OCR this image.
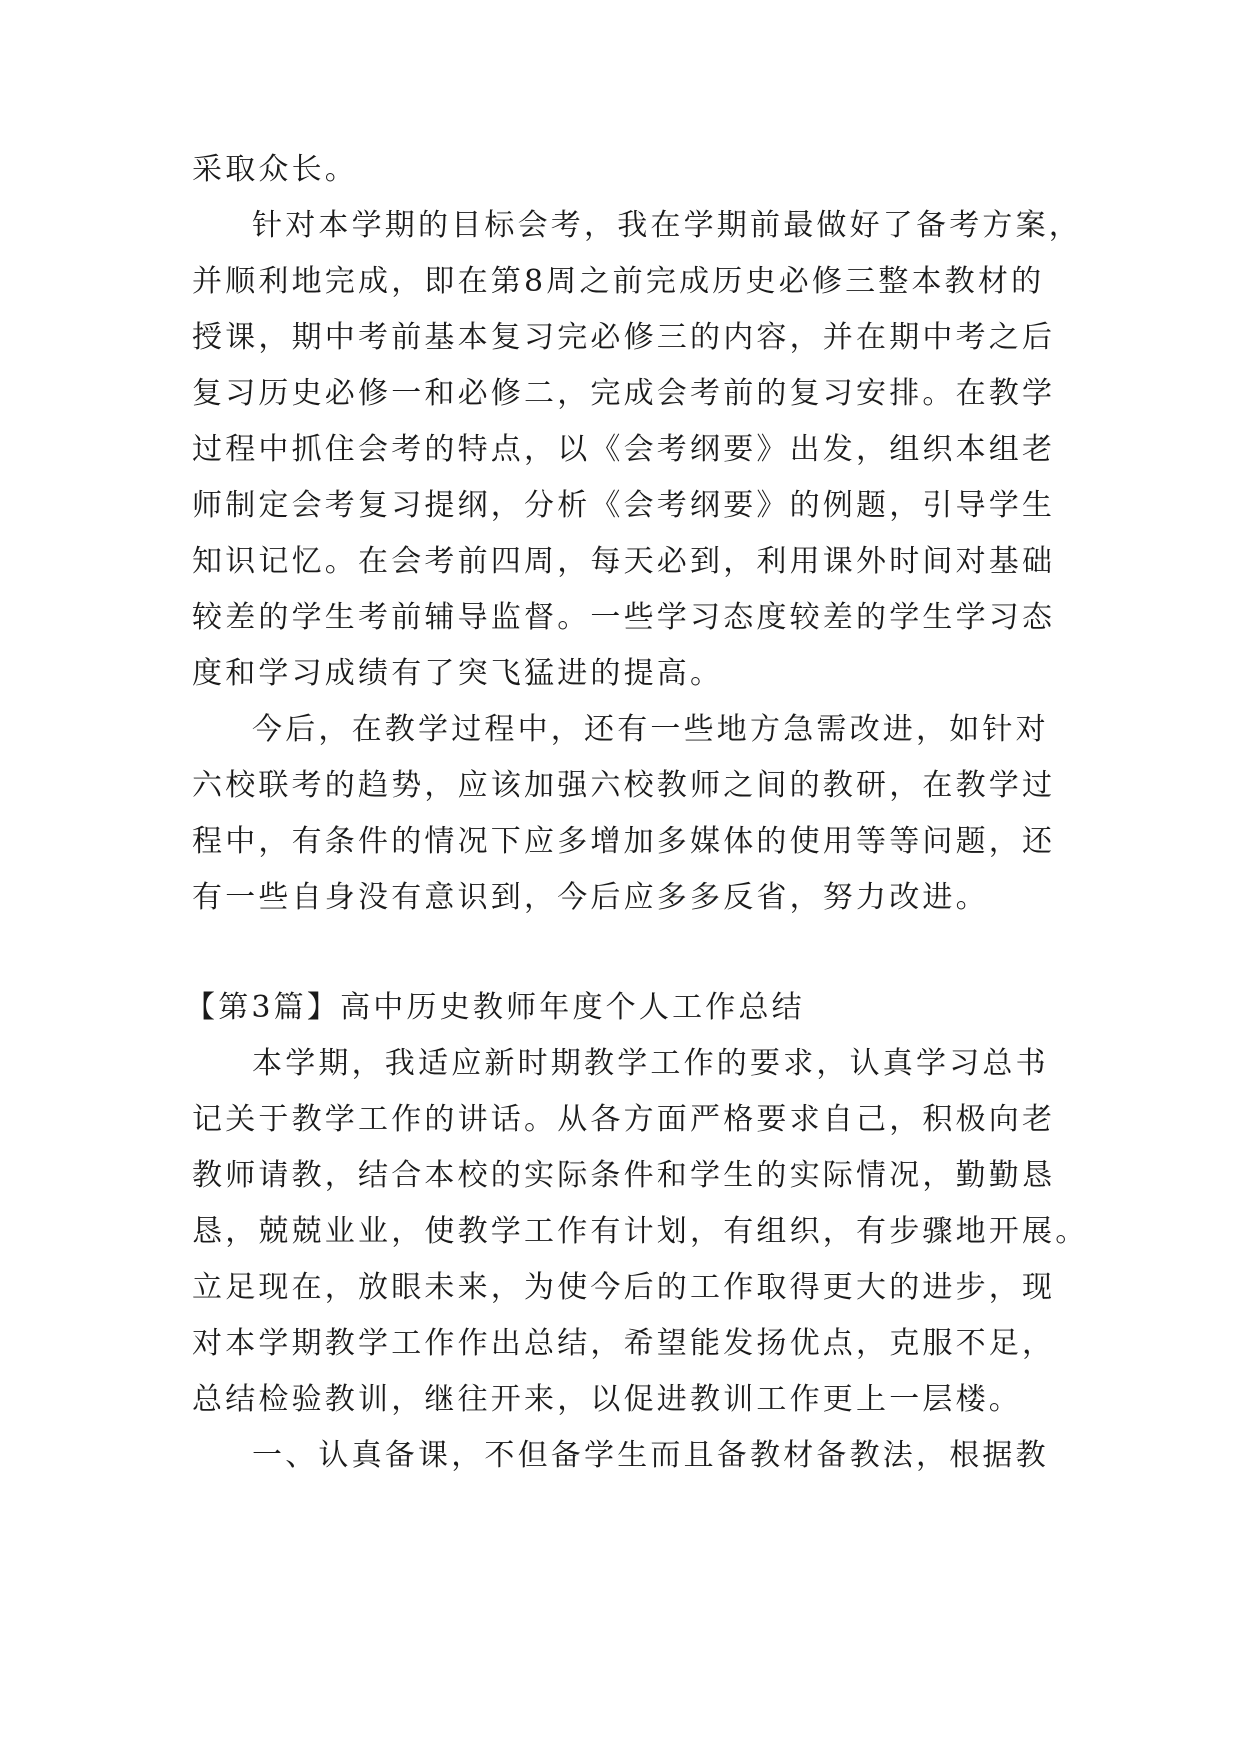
采取众长。
针对本学期的目标会考，我在学期前最做好了备考方案，
并顺利地完成，即在第8周之前完成历史必修三整本教材的
授课，期中考前基本复习完必修三的内容，并在期中考之后
复习历史必修一和必修二，完成会考前的复习安排。在教学
过程中抓住会考的特点，以《会考纲要》出发，组织本组老
师制定会考复习提纲，分析《会考纲要》的例题，引导学生
知识记忆。在会考前四周，每天必到，利用课外时间对基础
较差的学生考前辅导监督。一些学习态度较差的学生学习态
度和学习成绩有了突飞猛进的提高。
今后，在教学过程中，还有一些地方急需改进，如针对
六校联考的趋势，应该加强六校教师之间的教研，在教学过
程中，有条件的情况下应多增加多媒体的使用等等问题，还
有一些自身没有意识到，今后应多多反省，努力改进。
【第3篇】高中历史教师年度个人工作总结
本学期，我适应新时期教学工作的要求，认真学习总书
记关于教学工作的讲话。从各方面严格要求自己，积极向老
教师请教，结合本校的实际条件和学生的实际情况，勤勤恳
恳，兢兢业业，使教学工作有计划，有组织，有步骤地开展。
立足现在，放眼未来，为使今后的工作取得更大的进步，现
对本学期教学工作作出总结，希望能发扬优点，克服不足，
总结检验教训，继往开来，以促进教训工作更上一层楼。
一、认真备课，不但备学生而且备教材备教法，根据教
